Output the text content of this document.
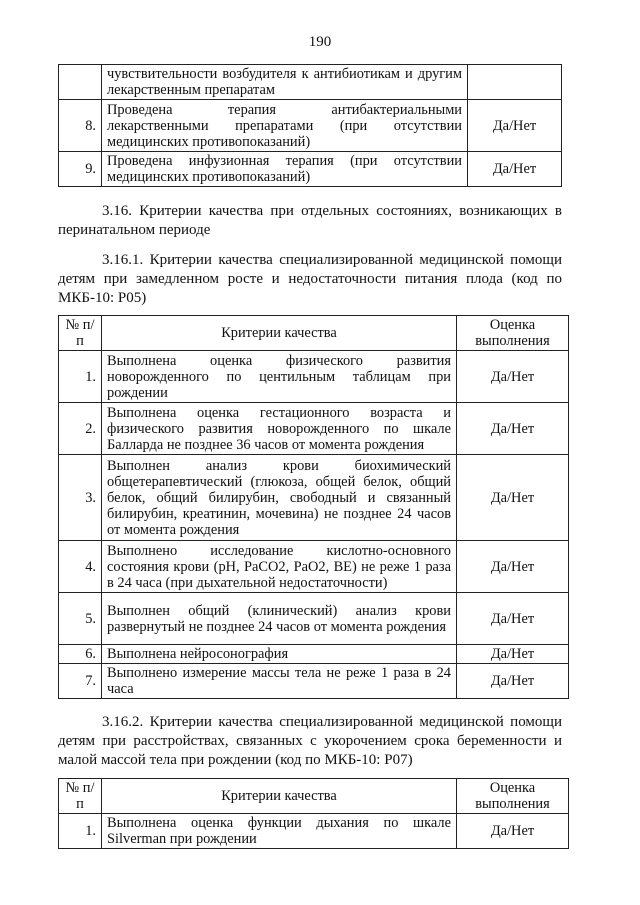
190
	чувствительности возбудителя к антибиотикам и другим лекарственным препаратам	
8.	Проведена терапия антибактериальными лекарственными препаратами (при отсутствии медицинских противопоказаний)	Да/Нет
9.	Проведена инфузионная терапия (при отсутствии медицинских противопоказаний)	Да/Нет
3.16. Критерии качества при отдельных состояниях, возникающих в перинатальном периоде
3.16.1. Критерии качества специализированной медицинской помощи детям при замедленном росте и недостаточности питания плода (код по МКБ-10: P05)
№ п/п	Критерии качества	Оценка выполнения
1.	Выполнена оценка физического развития новорожденного по центильным таблицам при рождении	Да/Нет
2.	Выполнена оценка гестационного возраста и физического развития новорожденного по шкале Балларда не позднее 36 часов от момента рождения	Да/Нет
3.	Выполнен анализ крови биохимический общетерапевтический (глюкоза, общей белок, общий белок, общий билирубин, свободный и связанный билирубин, креатинин, мочевина) не позднее 24 часов от момента рождения	Да/Нет
4.	Выполнено исследование кислотно-основного состояния крови (pH, PaCO2, PaO2, BE) не реже 1 раза в 24 часа (при дыхательной недостаточности)	Да/Нет
5.	Выполнен общий (клинический) анализ крови развернутый не позднее 24 часов от момента рождения	Да/Нет
6.	Выполнена нейросонография	Да/Нет
7.	Выполнено измерение массы тела не реже 1 раза в 24 часа	Да/Нет
3.16.2. Критерии качества специализированной медицинской помощи детям при расстройствах, связанных с укорочением срока беременности и малой массой тела при рождении (код по МКБ-10: P07)
№ п/п	Критерии качества	Оценка выполнения
1.	Выполнена оценка функции дыхания по шкале Silverman при рождении	Да/Нет
